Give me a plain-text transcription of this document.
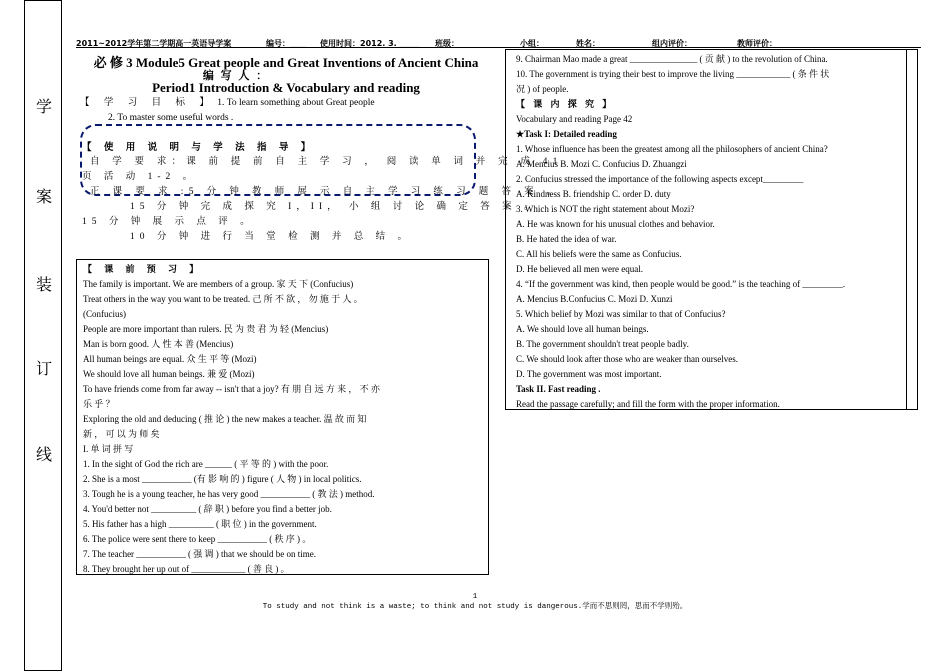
学
案
装
订
线
2011~2012学年第二学期高一英语导学案	编号：____ 使用时间：2012. 3. _____ 班级：	小组：	姓名：	组内评价：	教师评价：
必 修 3 Module5 Great people and Great Inventions of Ancient China
编 写 人 ：
Period1 Introduction & Vocabulary and reading
【 学 习 目 标 】 1. To learn something about Great people
2. To master some useful words .
【 使 用 说 明 与 学 法 指 导 】
自 学 要 求：课 前 提 前 自 主 学 习 ， 阅 读 单 词 并 完 成 41
页 活 动 1-2 。
正 课 要 求 :5 分 钟 教 师 展 示 自 主 学 习 练 习 题 答 案 。
15 分 钟 完 成 探 究 I，II， 小 组 讨 论 确 定 答 案 。
15 分 钟 展 示 点 评 。
10 分 钟 进 行 当 堂 检 测 并 总 结 。
【 课 前 预 习 】
The family is important. We are members of a group. 家 天 下 (Confucius)
Treat others in the way you want to be treated. 己 所 不 欲 ， 勿 施 于 人 。
(Confucius)
People are more important than rulers. 民 为 贵 君 为 轻 (Mencius)
Man is born good. 人 性 本 善 (Mencius)
All human beings are equal. 众 生 平 等 (Mozi)
We should love all human beings. 兼 爱 (Mozi)
To have friends come from far away -- isn't that a joy? 有 朋 自 远 方 来 ， 不 亦
乐 乎 ？
Exploring the old and deducing ( 推 论 ) the new makes a teacher. 温 故 而 知
新 ， 可 以 为 师 矣
I. 单 词 拼 写
1. In the sight of God the rich are ______ ( 平 等 的 ) with the poor.
2. She is a most ___________ (有 影 响 的 ) figure ( 人 物 ) in local politics.
3. Tough he is a young teacher, he has very good ___________ ( 教 法 ) method.
4. You'd better not __________ ( 辞 职 ) before you find a better job.
5. His father has a high __________ ( 职 位 ) in the government.
6. The police were sent there to keep ___________ ( 秩 序 ) 。
7. The teacher ___________ ( 强 调 ) that we should be on time.
8. They brought her up out of ____________ ( 善 良 ) 。
9. Chairman Mao made a great _______________ ( 贡 献 ) to the revolution of China.
10. The government is trying their best to improve the living ____________ ( 条 件 状
况 ) of people.
【 课 内 探 究 】
Vocabulary and reading Page 42
★Task I: Detailed reading
1. Whose influence has been the greatest among all the philosophers of ancient China?
A. Mencius B. Mozi C. Confucius D. Zhuangzi
2. Confucius stressed the importance of the following aspects except_________
A. Kindness B. friendship C. order D. duty
3. Which is NOT the right statement about Mozi?
A. He was known for his unusual clothes and behavior.
B. He hated the idea of war.
C. All his beliefs were the same as Confucius.
D. He believed all men were equal.
4. “If the government was kind, then people would be good.” is the teaching of _________.
A. Mencius B.Confucius C. Mozi D. Xunzi
5. Which belief by Mozi was similar to that of Confucius?
A. We should love all human beings.
B. The government shouldn't treat people badly.
C. We should look after those who are weaker than ourselves.
D. The government was most important.
Task II. Fast reading .
Read the passage carefully; and fill the form with the proper information.
1
To study and not think is a waste; to think and not study is dangerous.学而不思则罔，思而不学则殆。
